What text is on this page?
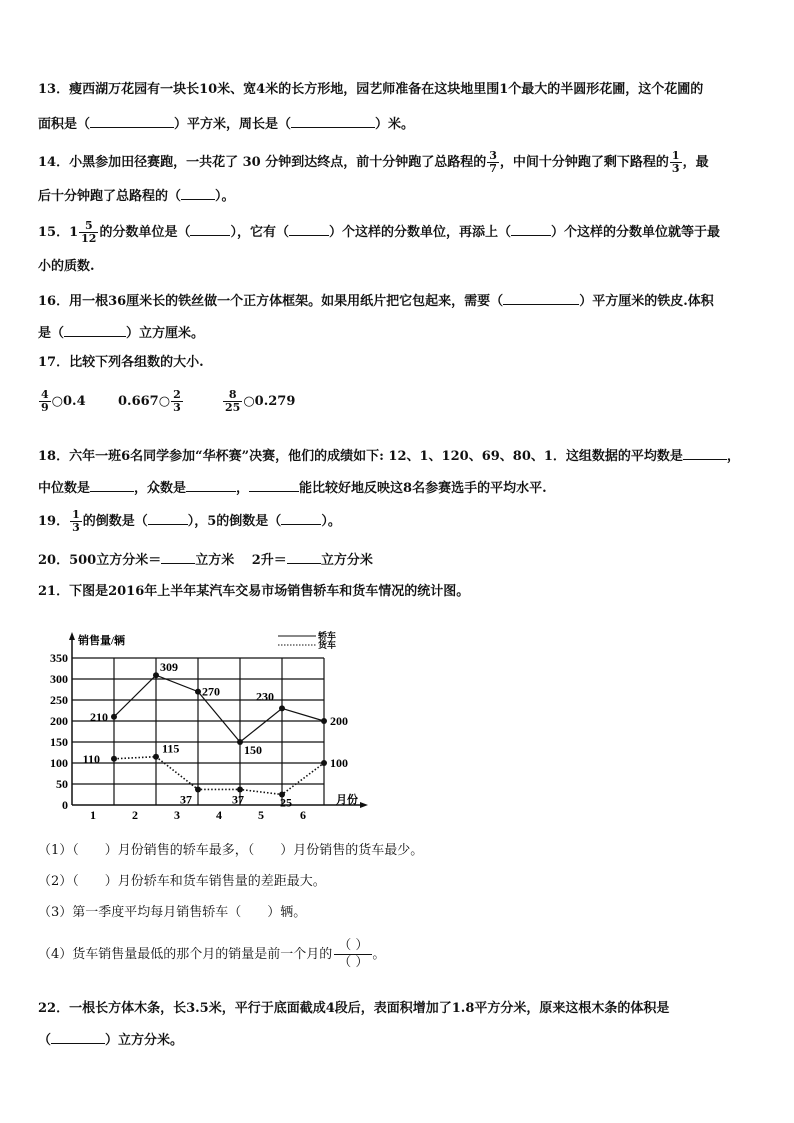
13．瘦西湖万花园有一块长10米、宽4米的长方形地，园艺师准备在这块地里围1个最大的半圆形花圃，这个花圃的
面积是（	）平方米，周长是（	）米。
14．小黑参加田径赛跑，一共花了 30 分钟到达终点，前十分钟跑了总路程的 $\frac{3}{7}$ ，中间十分钟跑了剩下路程的 $\frac{1}{3}$ ，最
后十分钟跑了总路程的（	）。
15．$1 \frac{5}{12}$ 的分数单位是（	），它有（	）个这样的分数单位，再添上（	）个这样的分数单位就等于最
小的质数.
16．用一根36厘米长的铁丝做一个正方体框架。如果用纸片把它包起来，需要（	）平方厘米的铁皮.体积
是（	）立方厘米。
17．比较下列各组数的大小.
$\frac{4}{9}$ ○0.4 0.667○ $\frac{2}{3}$	$\frac{8}{25}$ ○0.279
18．六年一班6名同学参加“华杯赛”决赛，他们的成绩如下: 12、1、120、69、80、1．这组数据的平均数是	，
中位数是	，众数是	，	能比较好地反映这8名参赛选手的平均水平.
19． $\frac{1}{3}$ 的倒数是（	），5的倒数是（	）。
20．500立方分米＝	立方米　 2升＝	立方分米
21．下图是2016年上半年某汽车交易市场销售轿车和货车情况的统计图。
0
50
100
150
200
250
300
350
1	2	3	4	5	6
销售量/辆
月份
轿车
货车
210
309
270
150
230
200
110
115
37	37	25
100
（1）（　　）月份销售的轿车最多，（　　）月份销售的货车最少。
（2）（　　）月份轿车和货车销售量的差距最大。
（3）第一季度平均每月销售轿车（　　）辆。
（4）货车销售量最低的那个月的销量是前一个月的 $\frac{( )}{( )}$ 。
22．一根长方体木条，长3.5米，平行于底面截成4段后，表面积增加了1.8平方分米，原来这根木条的体积是
（	）立方分米。
